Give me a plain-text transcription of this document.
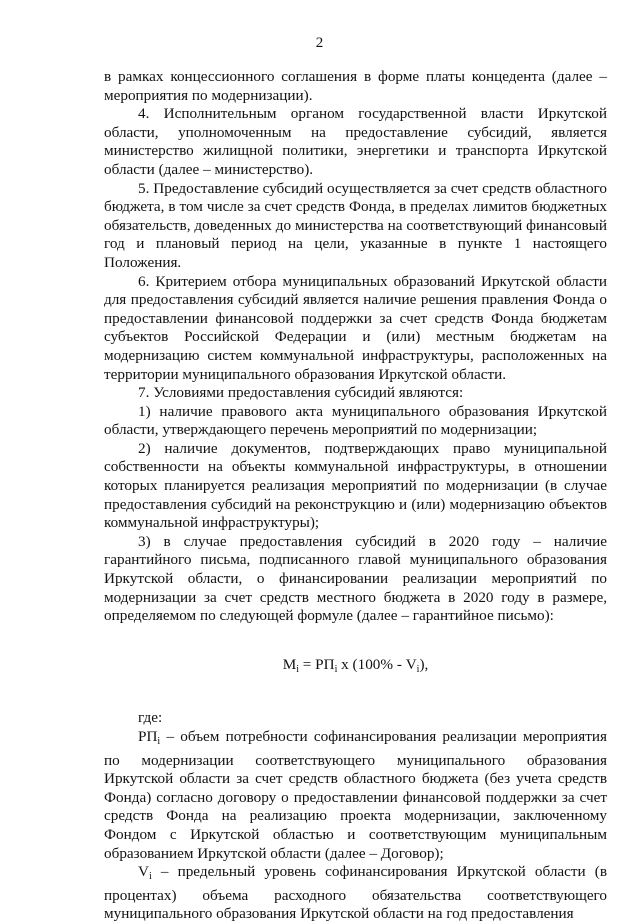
2

в рамках концессионного соглашения в форме платы концедента (далее – мероприятия по модернизации).

4. Исполнительным органом государственной власти Иркутской области, уполномоченным на предоставление субсидий, является министерство жилищной политики, энергетики и транспорта Иркутской области (далее – министерство).

5. Предоставление субсидий осуществляется за счет средств областного бюджета, в том числе за счет средств Фонда, в пределах лимитов бюджетных обязательств, доведенных до министерства на соответствующий финансовый год и плановый период на цели, указанные в пункте 1 настоящего Положения.

6. Критерием отбора муниципальных образований Иркутской области для предоставления субсидий является наличие решения правления Фонда о предоставлении финансовой поддержки за счет средств Фонда бюджетам субъектов Российской Федерации и (или) местным бюджетам на модернизацию систем коммунальной инфраструктуры, расположенных на территории муниципального образования Иркутской области.

7. Условиями предоставления субсидий являются:

1) наличие правового акта муниципального образования Иркутской области, утверждающего перечень мероприятий по модернизации;

2) наличие документов, подтверждающих право муниципальной собственности на объекты коммунальной инфраструктуры, в отношении которых планируется реализация мероприятий по модернизации (в случае предоставления субсидий на реконструкцию и (или) модернизацию объектов коммунальной инфраструктуры);

3) в случае предоставления субсидий в 2020 году – наличие гарантийного письма, подписанного главой муниципального образования Иркутской области, о финансировании реализации мероприятий по модернизации за счет средств местного бюджета в 2020 году в размере, определяемом по следующей формуле (далее – гарантийное письмо):

$M_i = РП_i$ х $(100\% - V_i)$,

где:

$РП_i$ – объем потребности софинансирования реализации мероприятия по модернизации соответствующего муниципального образования Иркутской области за счет средств областного бюджета (без учета средств Фонда) согласно договору о предоставлении финансовой поддержки за счет средств Фонда на реализацию проекта модернизации, заключенному Фондом с Иркутской областью и соответствующим муниципальным образованием Иркутской области (далее – Договор);

$V_i$ – предельный уровень софинансирования Иркутской области (в процентах) объема расходного обязательства соответствующего муниципального образования Иркутской области на год предоставления
